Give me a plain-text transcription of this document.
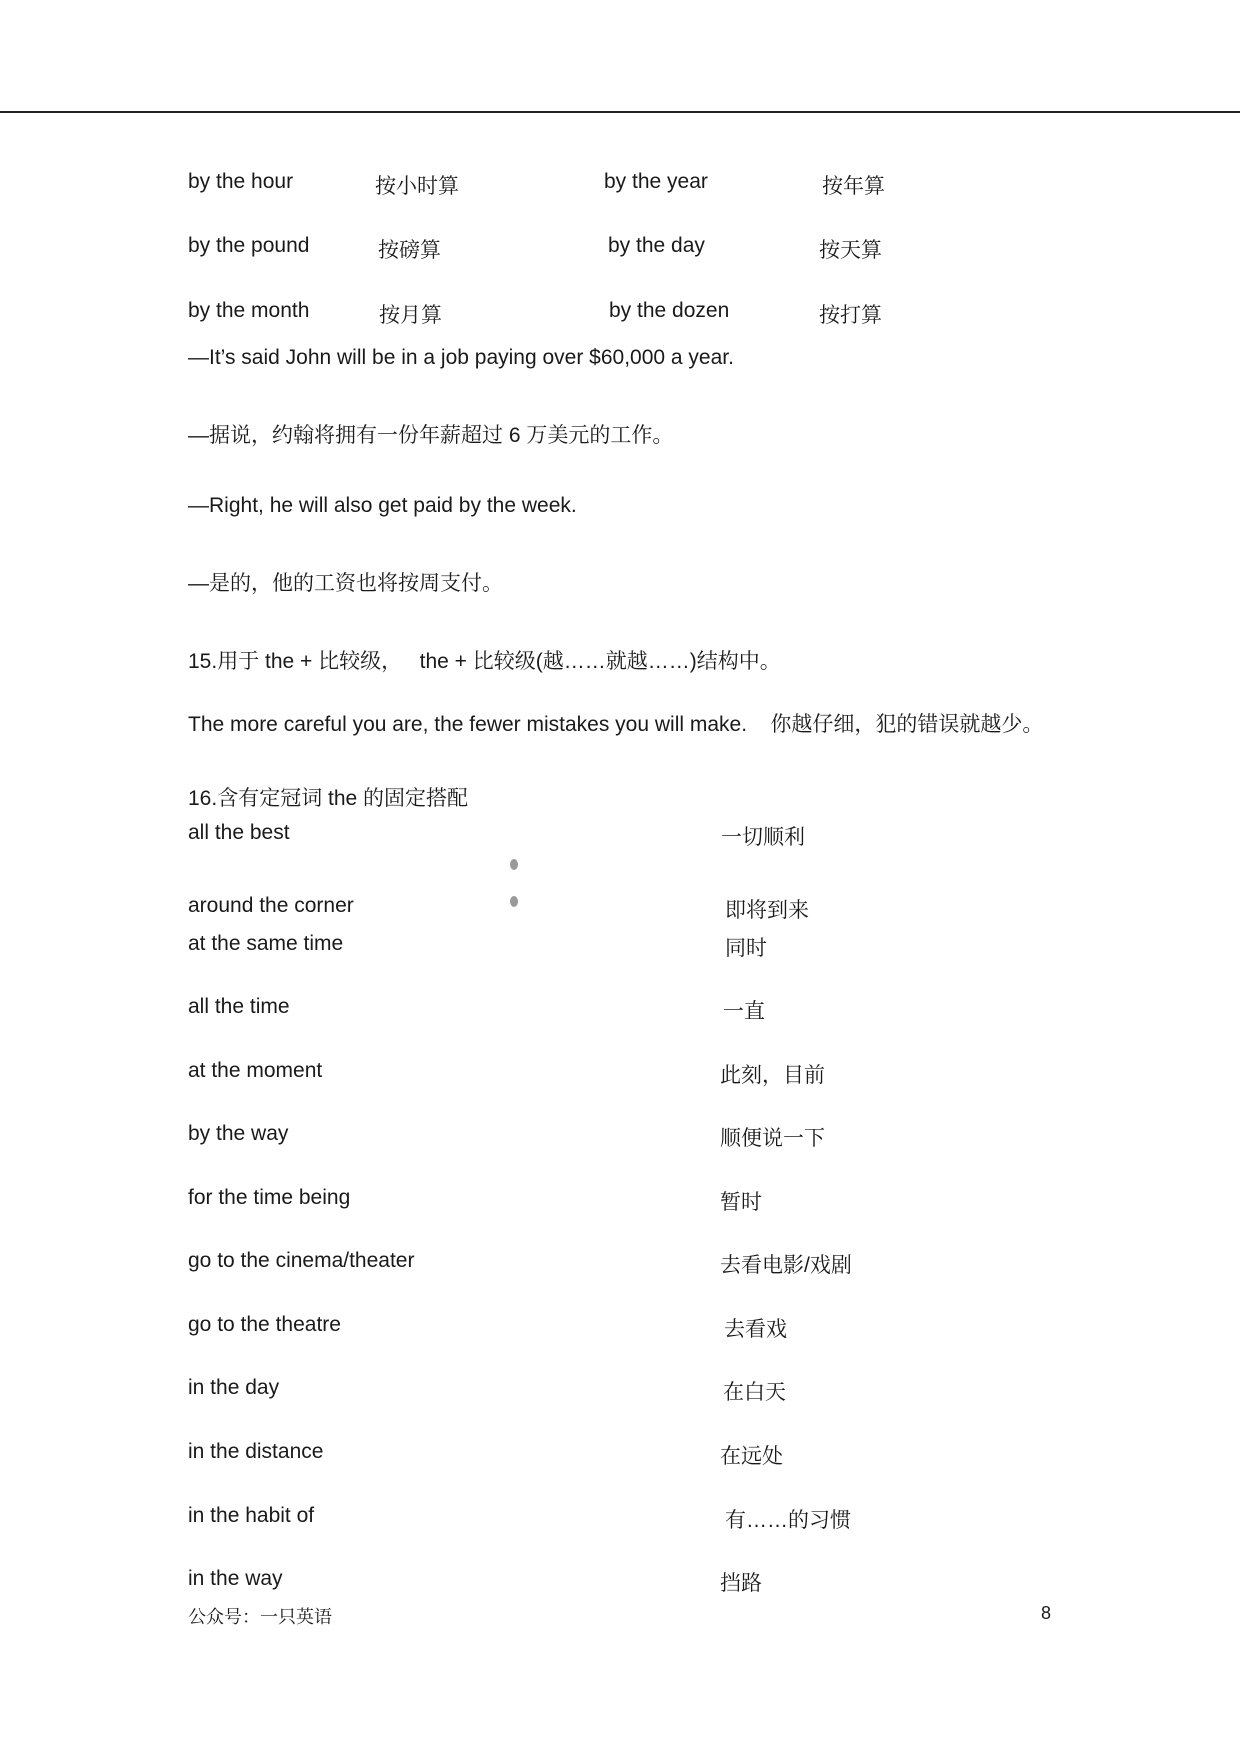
by the hour	按小时算	by the year	按年算
by the pound	按磅算	by the day	按天算
by the month	按月算	by the dozen	按打算
—It’s said John will be in a job paying over $60,000 a year.
—据说，约翰将拥有一份年薪超过 6 万美元的工作。
—Right, he will also get paid by the week.
—是的，他的工资也将按周支付。
15.用于 the + 比较级，   the + 比较级(越……就越……)结构中。
The more careful you are, the fewer mistakes you will make.    你越仔细，犯的错误就越少。
16.含有定冠词 the 的固定搭配
all the best	一切顺利
around the corner	即将到来
at the same time	同时
all the time	一直
at the moment	此刻，目前
by the way	顺便说一下
for the time being	暂时
go to the cinema/theater	去看电影/戏剧
go to the theatre	去看戏
in the day	在白天
in the distance	在远处
in the habit of	有……的习惯
in the way	挡路
公众号：一只英语	8
